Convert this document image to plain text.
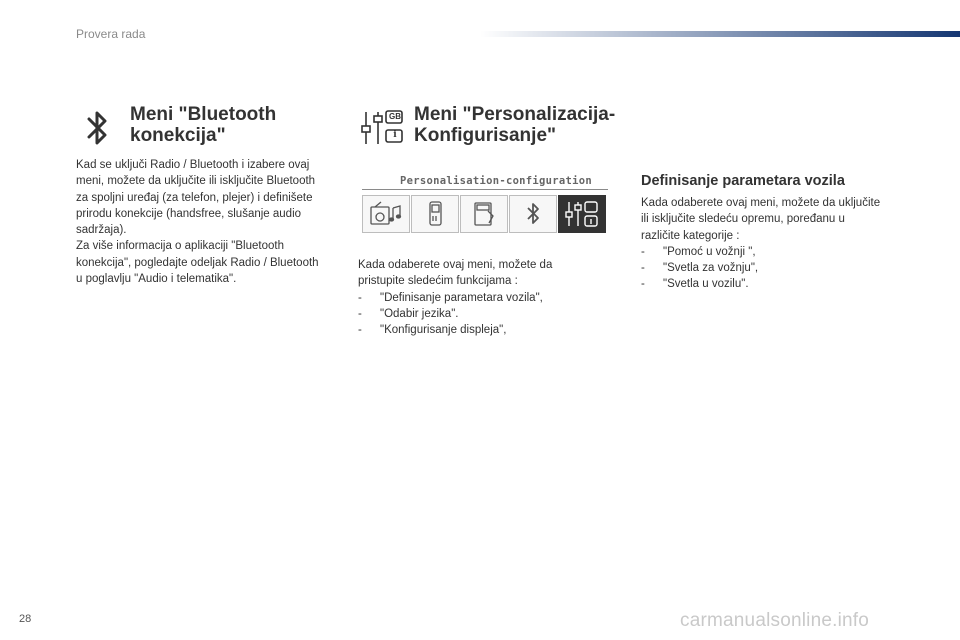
Provera rada
Meni "Bluetooth
konekcija"
Kad se uključi Radio / Bluetooth i izabere ovaj
meni, možete da uključite ili isključite Bluetooth
za spoljni uređaj (za telefon, plejer) i definišete
prirodu konekcije (handsfree, slušanje audio
sadržaja).
Za više informacija o aplikaciji "Bluetooth
konekcija", pogledajte odeljak Radio / Bluetooth
u poglavlju "Audio i telematika".
GB
i
Meni "Personalizacija-
Konfigurisanje"
Personalisation-configuration
Kada odaberete ovaj meni, možete da
pristupite sledećim funkcijama :
- "Definisanje parametara vozila",
- "Odabir jezika".
- "Konfigurisanje displeja",
Definisanje parametara vozila
Kada odaberete ovaj meni, možete da uključite
ili isključite sledeću opremu, poređanu u
različite kategorije :
- "Pomoć u vožnji ",
- "Svetla za vožnju",
- "Svetla u vozilu".
28	carmanualsonline.info
